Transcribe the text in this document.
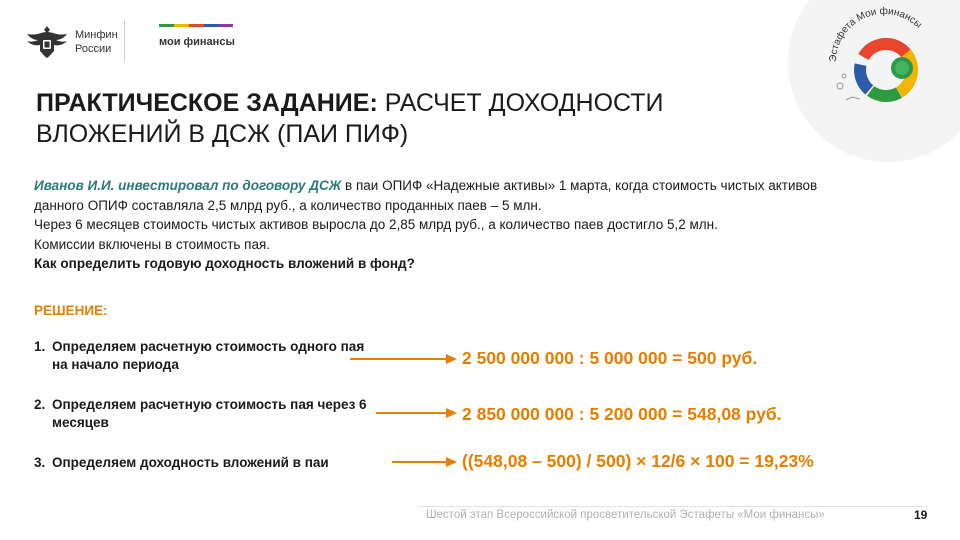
Минфин
России
мои финансы
Эстафета Мои финансы
ПРАКТИЧЕСКОЕ ЗАДАНИЕ: РАСЧЕТ ДОХОДНОСТИ ВЛОЖЕНИЙ В ДСЖ (ПАИ ПИФ)
Иванов И.И. инвестировал по договору ДСЖ в паи ОПИФ «Надежные активы» 1 марта, когда стоимость чистых активов данного ОПИФ составляла 2,5 млрд руб., а количество проданных паев – 5 млн.
Через 6 месяцев стоимость чистых активов выросла до 2,85 млрд руб., а количество паев достигло 5,2 млн.
Комиссии включены в стоимость пая.
Как определить годовую доходность вложений в фонд?
РЕШЕНИЕ:
1. Определяем расчетную стоимость одного пая на начало периода	2 500 000 000 : 5 000 000 = 500 руб.
2. Определяем расчетную стоимость пая через 6 месяцев	2 850 000 000 : 5 200 000 = 548,08 руб.
3. Определяем доходность вложений в паи	((548,08 – 500) / 500) × 12/6 × 100 = 19,23%
Шестой этап Всероссийской просветительской Эстафеты «Мои финансы»	19
